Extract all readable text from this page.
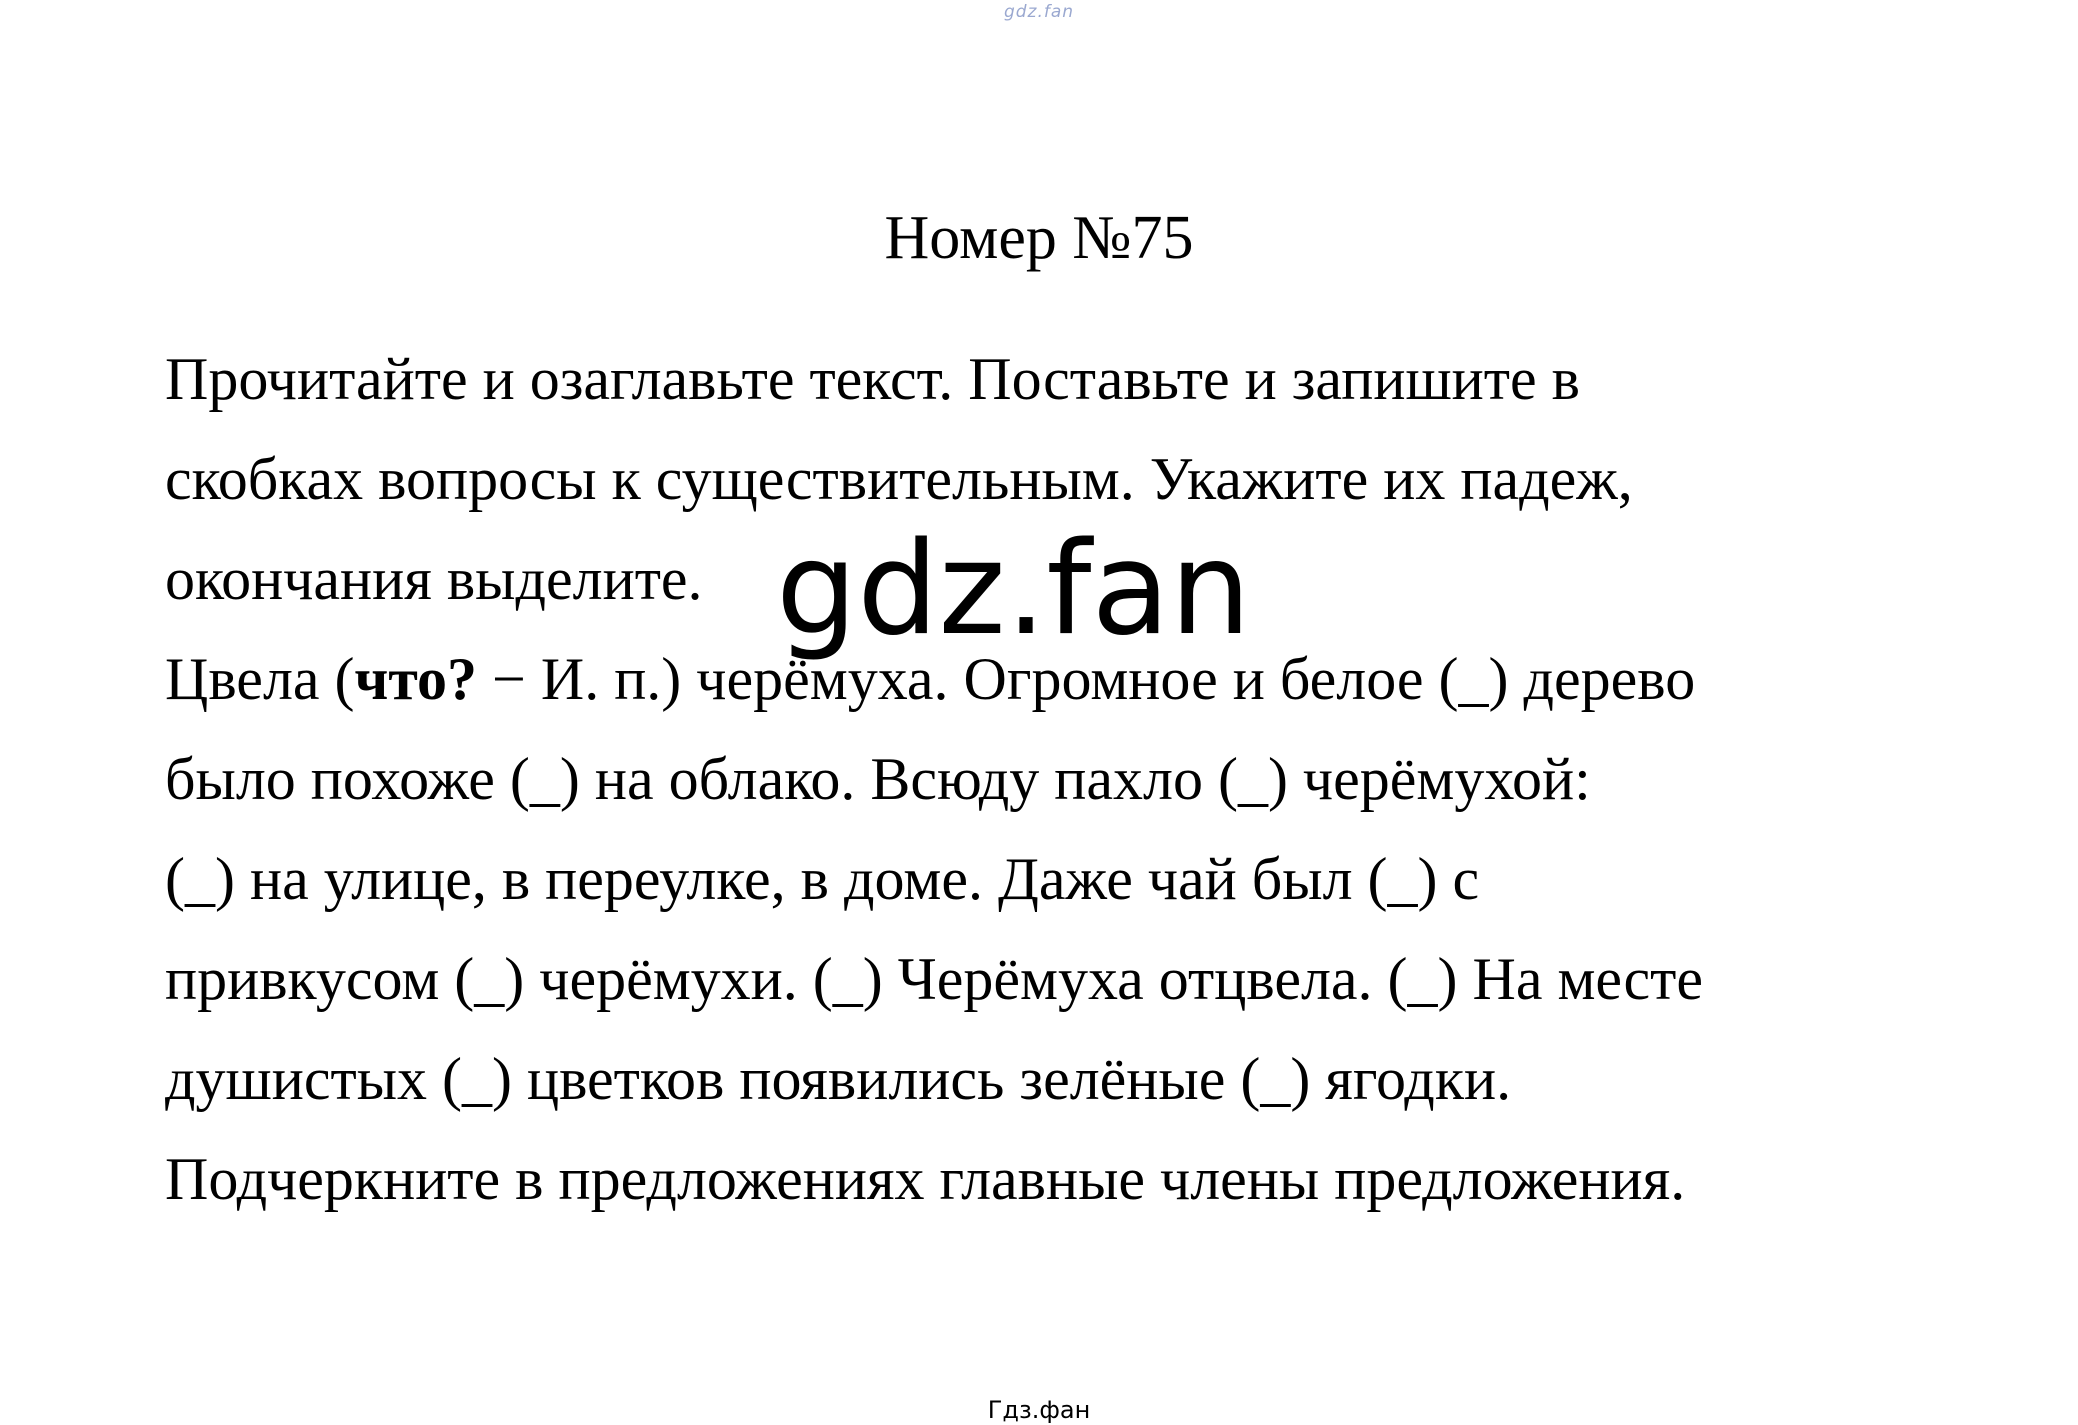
gdz.fan
Номер №75
Прочитайте и озаглавьте текст. Поставьте и запишите в
скобках вопросы к существительным. Укажите их падеж,
окончания выделите.
Цвела (что? − И. п.) черёмуха. Огромное и белое (_) дерево
было похоже (_) на облако. Всюду пахло (_) черёмухой:
(_) на улице, в переулке, в доме. Даже чай был (_) с
привкусом (_) черёмухи. (_) Черёмуха отцвела. (_) На месте
душистых (_) цветков появились зелёные (_) ягодки.
Подчеркните в предложениях главные члены предложения.
gdz.fan
Гдз.фан
